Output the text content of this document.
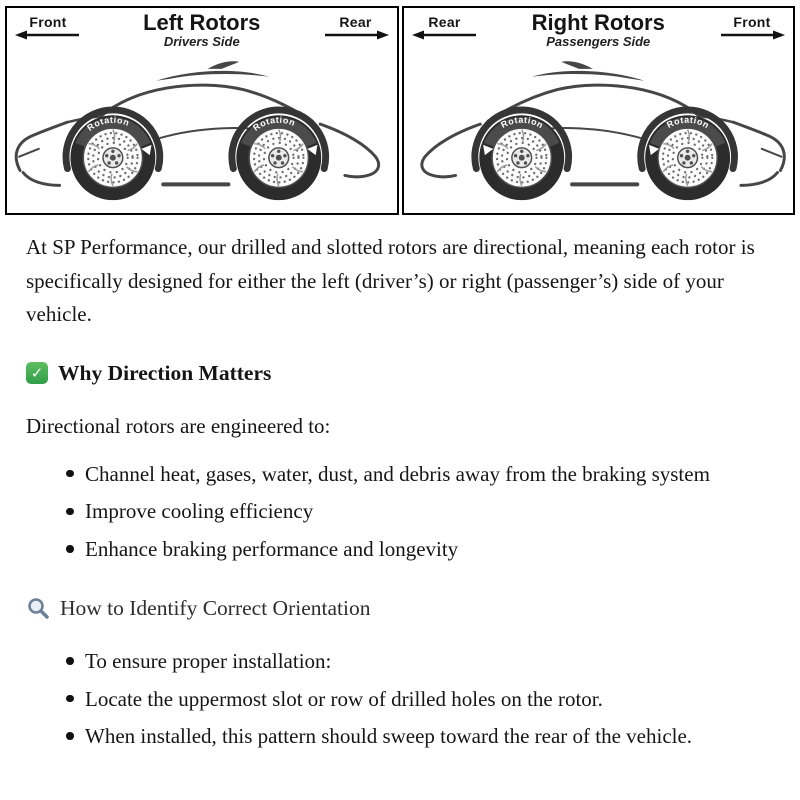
Front	Left Rotors
Drivers Side
Rear	Rear	Right Rotors
Passengers Side
Front

At SP Performance, our drilled and slotted rotors are directional, meaning each rotor is specifically designed for either the left (driver’s) or right (passenger’s) side of your vehicle.

✓
Why Direction Matters

Directional rotors are engineered to:

Channel heat, gases, water, dust, and debris away from the braking system
Improve cooling efficiency
Enhance braking performance and longevity
How to Identify Correct Orientation
To ensure proper installation:
Locate the uppermost slot or row of drilled holes on the rotor.
When installed, this pattern should sweep toward the rear of the vehicle.
